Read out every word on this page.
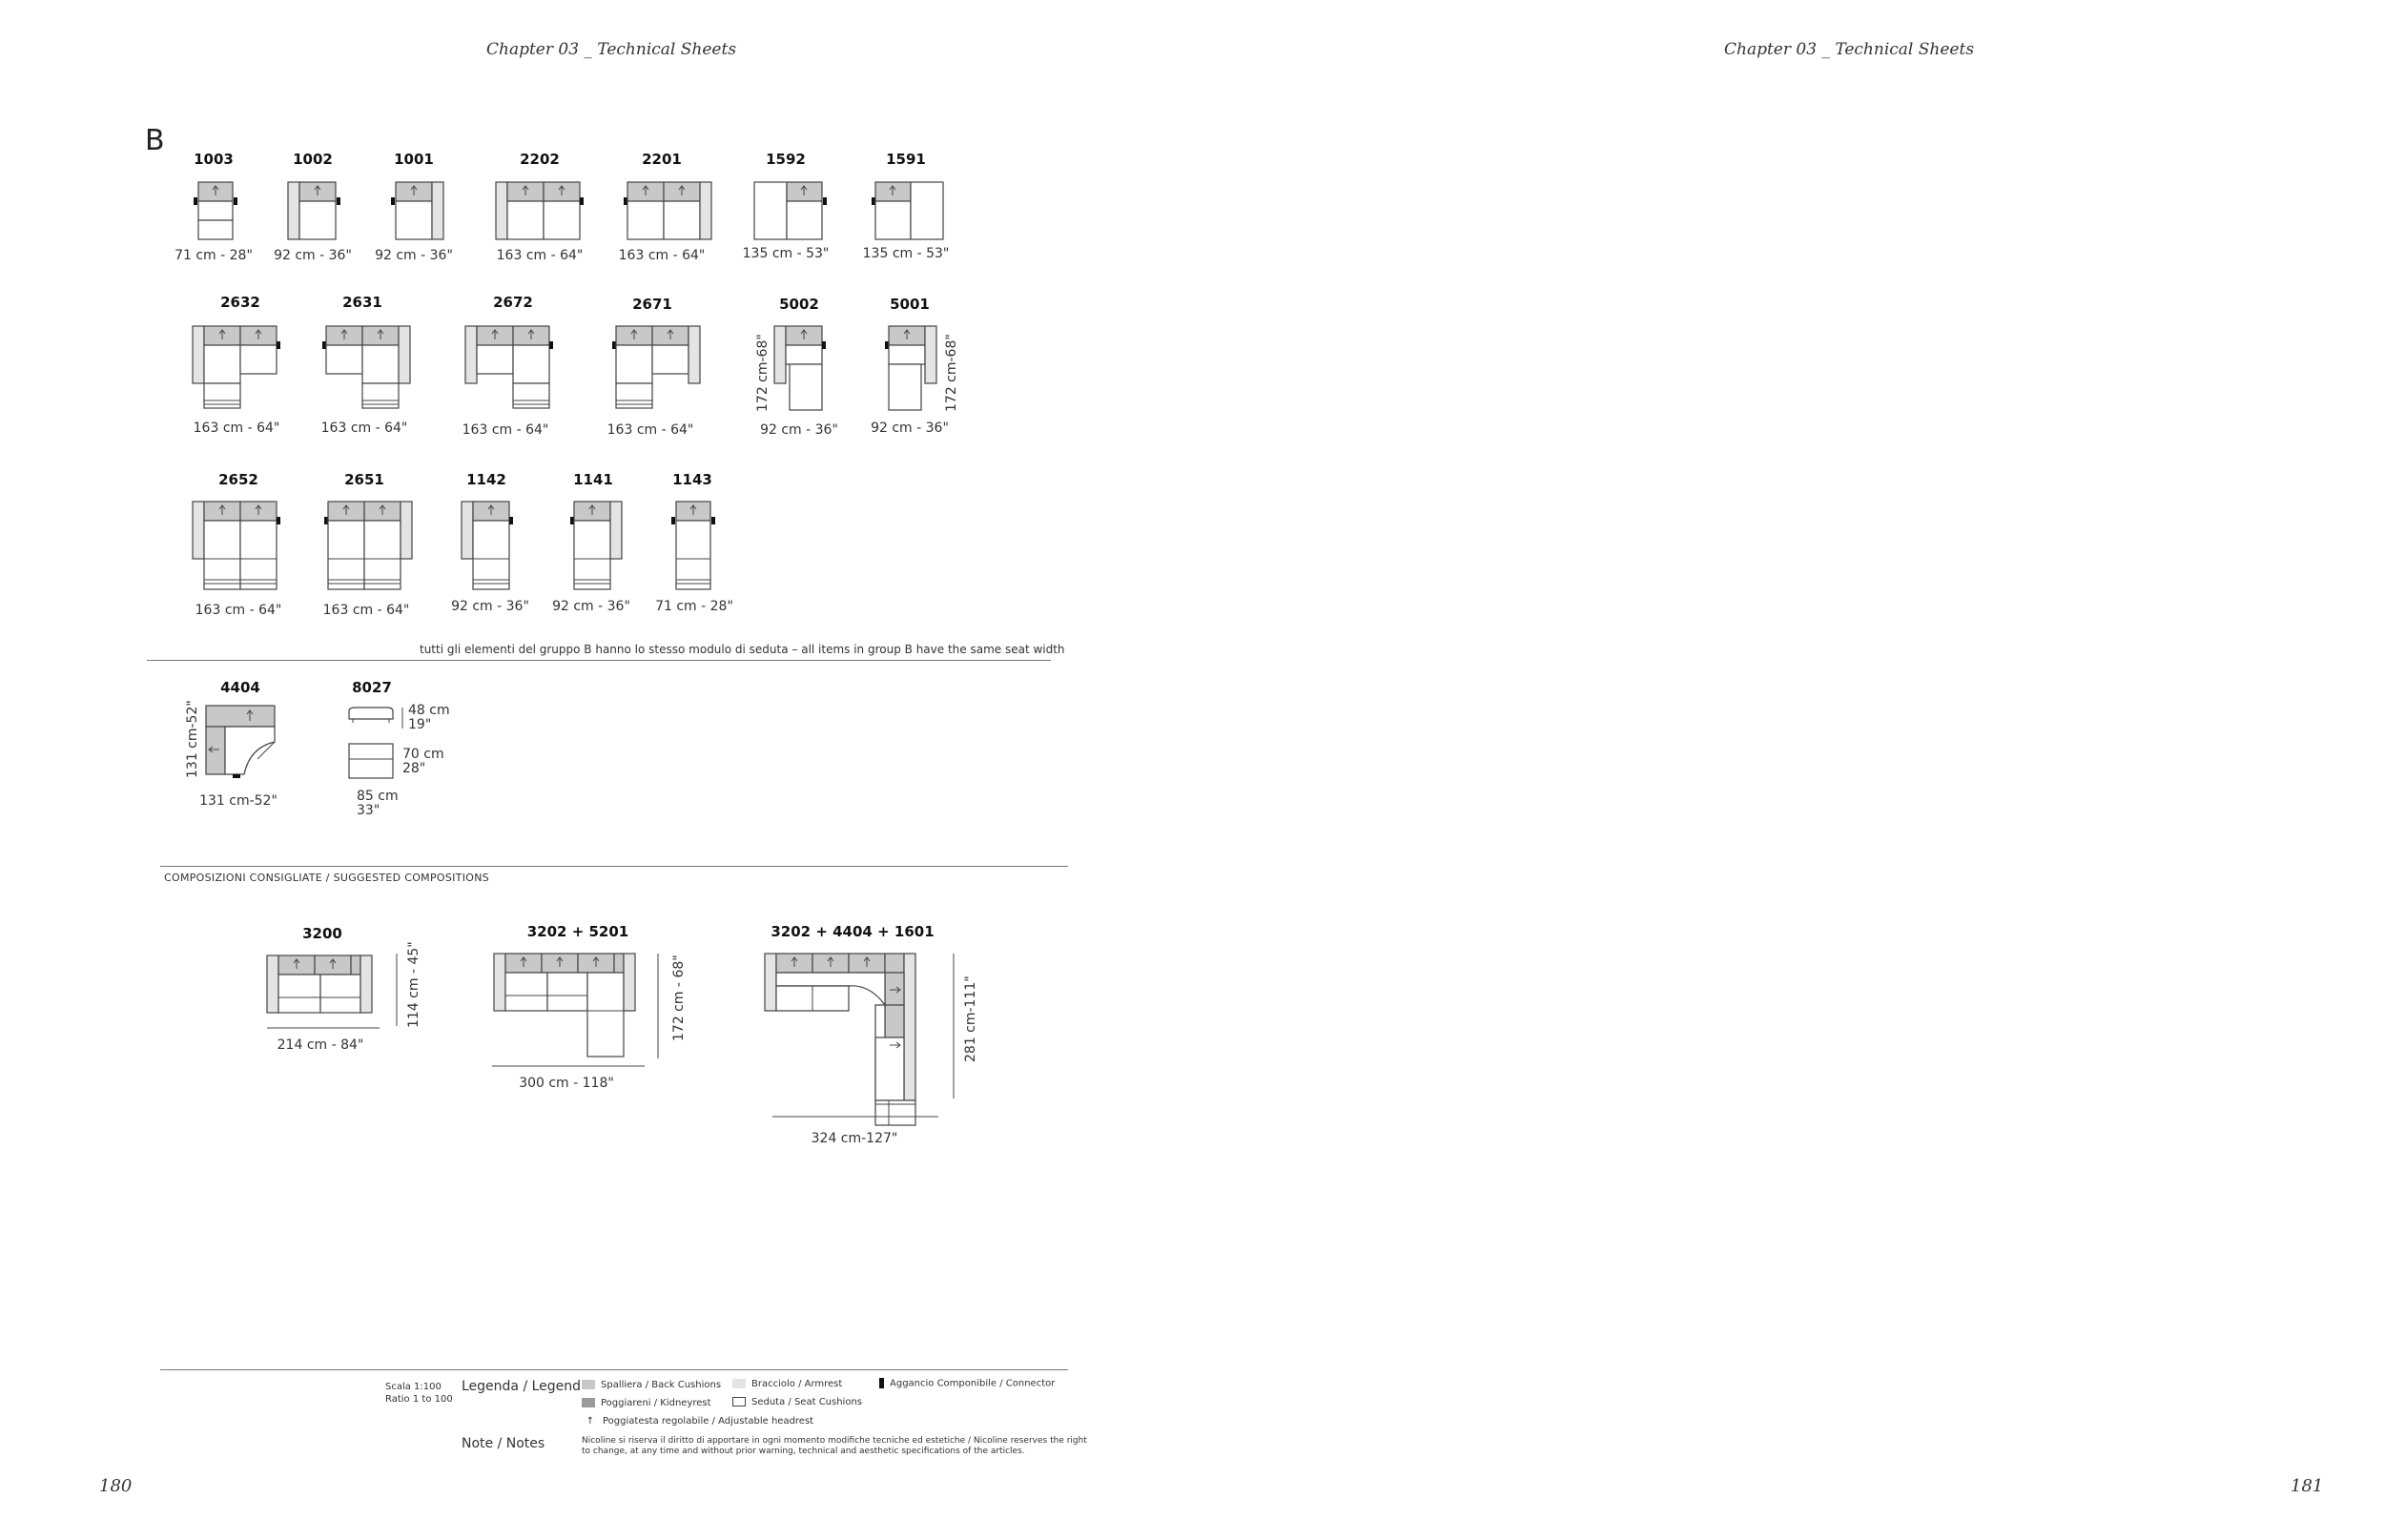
Chapter 03 _ Technical Sheets	Chapter 03 _ Technical Sheets
B
1003
71 cm - 28"
1002
92 cm - 36"
1001
92 cm - 36"
2202
163 cm - 64"
2201
163 cm - 64"
1592
135 cm - 53"
1591
135 cm - 53"
2632
163 cm - 64"
2631
163 cm - 64"
2672
163 cm - 64"
2671
163 cm - 64"
5002
172 cm-68"
92 cm - 36"
5001
172 cm-68"
92 cm - 36"
2652
163 cm - 64"
2651
163 cm - 64"
1142
92 cm - 36"
1141
92 cm - 36"
1143
71 cm - 28"
tutti gli elementi del gruppo B hanno lo stesso modulo di seduta – all items in group B have the same seat width
4404
131 cm-52"
131 cm-52"
8027
48 cm
19"
70 cm
28"
85 cm
33"
COMPOSIZIONI CONSIGLIATE / SUGGESTED COMPOSITIONS
3200
114 cm - 45"
214 cm - 84"
3202 + 5201
172 cm - 68"
300 cm - 118"
3202 + 4404 + 1601
281 cm-111"
324 cm-127"
Scala 1:100
Ratio 1 to 100
Legenda / Legend	Spalliera / Back Cushions	Bracciolo / Armrest	Aggancio Componibile / Connector
Poggiareni / Kidneyrest	Seduta / Seat Cushions
↑ Poggiatesta regolabile / Adjustable headrest
Note / Notes	Nicoline si riserva il diritto di apportare in ogni momento modifiche tecniche ed estetiche / Nicoline reserves the right
to change, at any time and without prior warning, technical and aesthetic specifications of the articles.
180	181
